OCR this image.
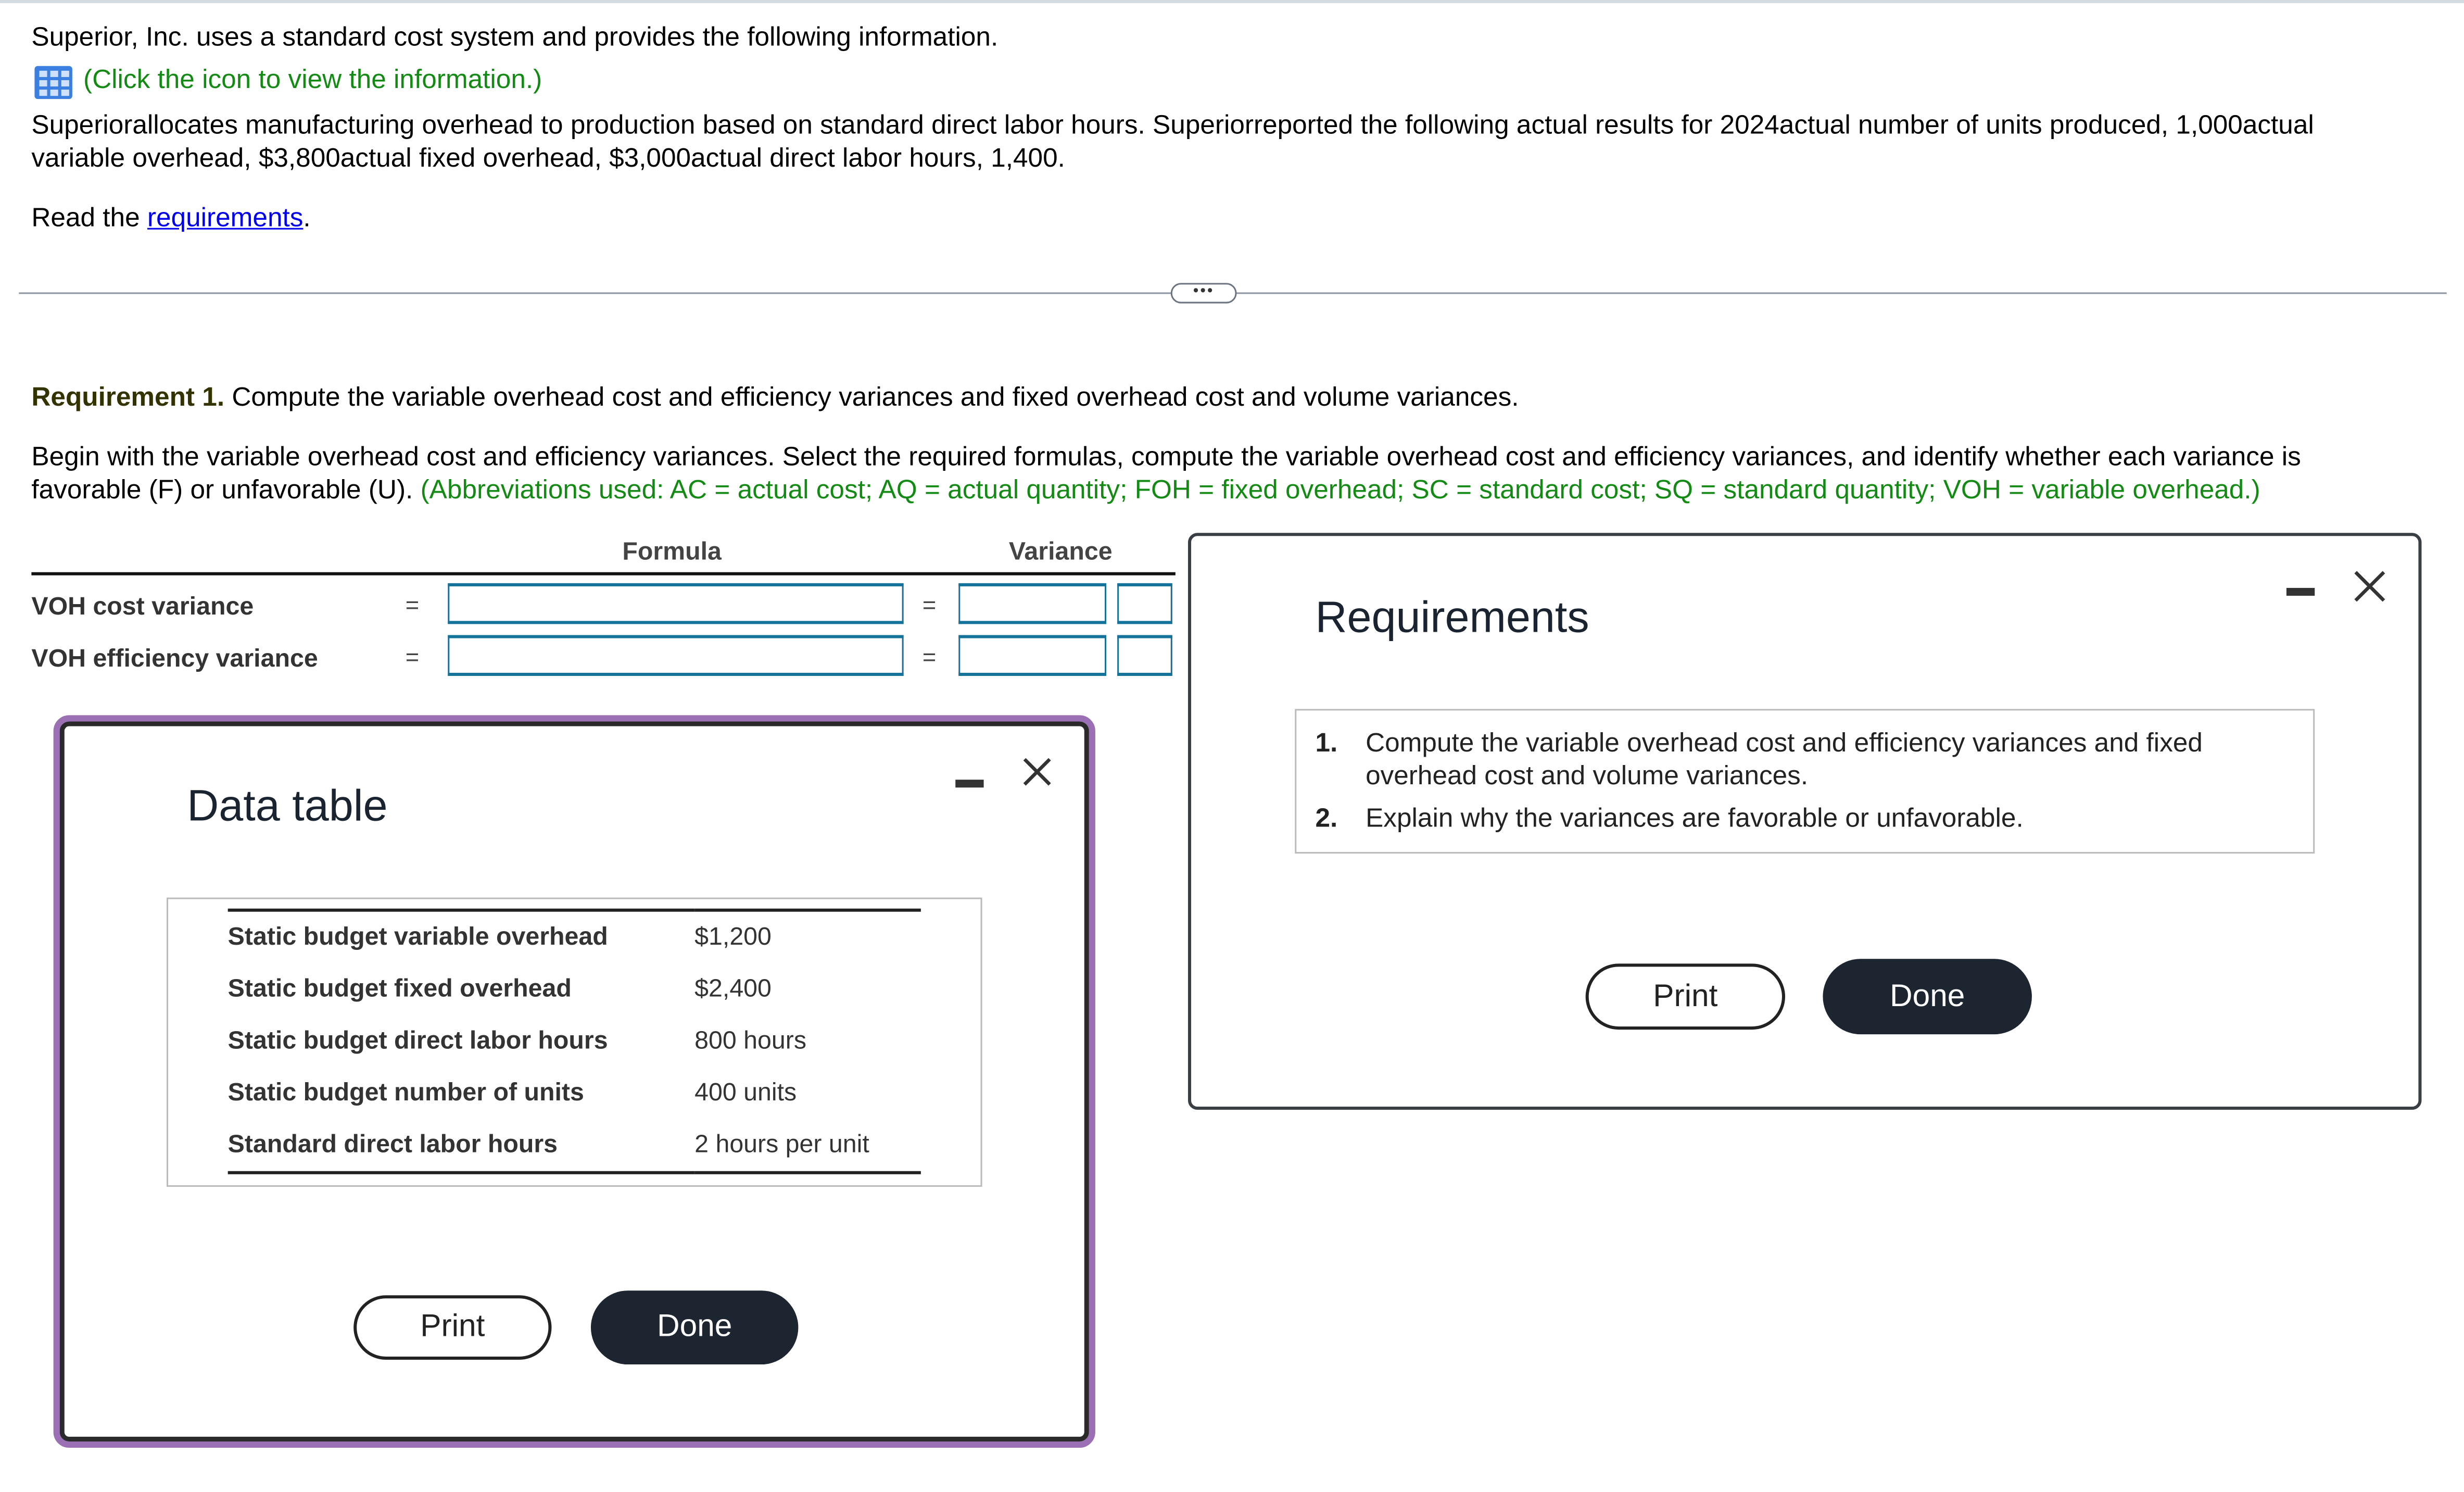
Superior, Inc. uses a standard cost system and provides the following information.
(Click the icon to view the information.)
Superiorallocates manufacturing overhead to production based on standard direct labor hours. Superiorreported the following actual results for 2024actual number of units produced, 1,000actual
variable overhead, $3,800actual fixed overhead, $3,000actual direct labor hours, 1,400.
Read the requirements.
•••
Requirement 1. Compute the variable overhead cost and efficiency variances and fixed overhead cost and volume variances.
Begin with the variable overhead cost and efficiency variances. Select the required formulas, compute the variable overhead cost and efficiency variances, and identify whether each variance is
favorable (F) or unfavorable (U). (Abbreviations used: AC = actual cost; AQ = actual quantity; FOH = fixed overhead; SC = standard cost; SQ = standard quantity; VOH = variable overhead.)
Formula	Variance
VOH cost variance	=	=
VOH efficiency variance	=	=
Data table
Static budget variable overhead	$1,200
Static budget fixed overhead	$2,400
Static budget direct labor hours	800 hours
Static budget number of units	400 units
Standard direct labor hours	2 hours per unit
Print	Done
Requirements
1.	Compute the variable overhead cost and efficiency variances and fixed
overhead cost and volume variances.
2.	Explain why the variances are favorable or unfavorable.
Print	Done
